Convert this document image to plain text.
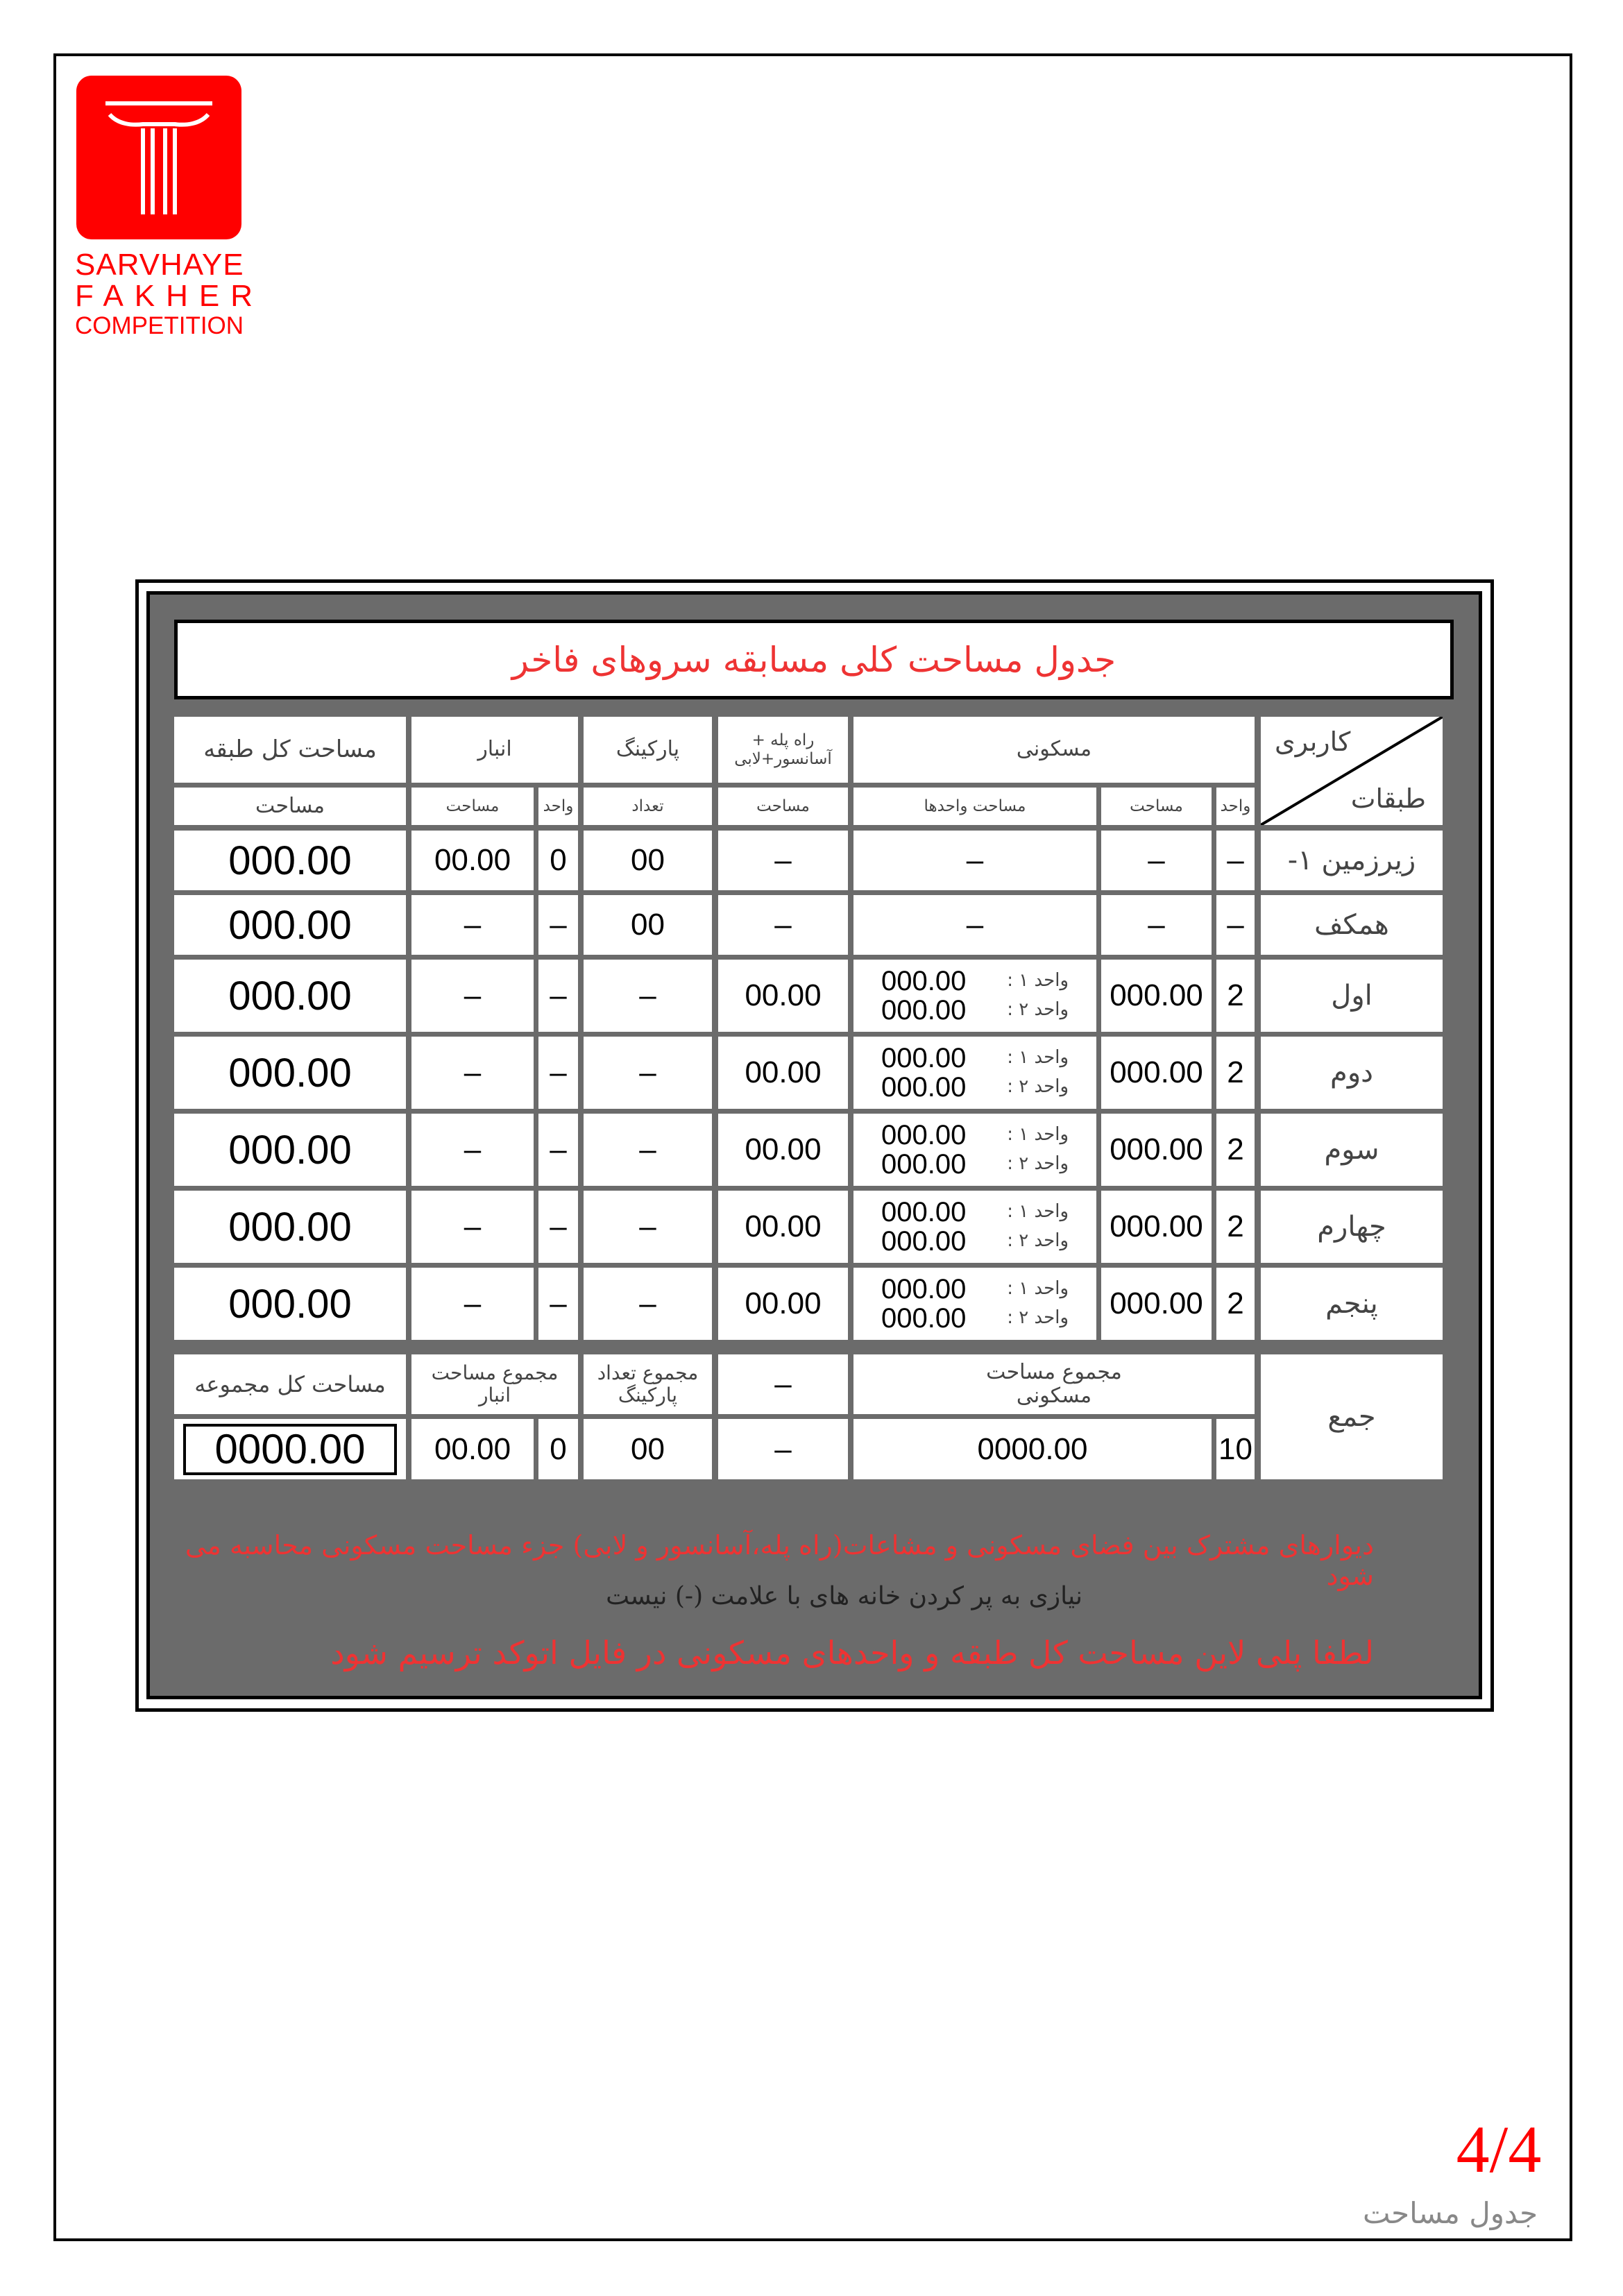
SARVHAYE
FAKHER
COMPETITION
جدول مساحت کلی مسابقه سروهای فاخر
کاربری
طبقات
مسکونی
واحد
مساحت
مساحت واحدها
راه پله + آسانسور+لابی
مساحت
پارکینگ
تعداد
انبار
واحد
مساحت
مساحت کل طبقه
مساحت
زیرزمین ۱-
–
–
–
–
00
0
00.00
000.00
همکف
–
–
–
–
00
–
–
000.00
اول
2
000.00
000.00 واحد ۱ :
000.00 واحد ۲ :
00.00
–
–
–
000.00
دوم
2
000.00
000.00 واحد ۱ :
000.00 واحد ۲ :
00.00
–
–
–
000.00
سوم
2
000.00
000.00 واحد ۱ :
000.00 واحد ۲ :
00.00
–
–
–
000.00
چهارم
2
000.00
000.00 واحد ۱ :
000.00 واحد ۲ :
00.00
–
–
–
000.00
پنجم
2
000.00
000.00 واحد ۱ :
000.00 واحد ۲ :
00.00
–
–
–
000.00
جمع
مجموع مساحت مسکونی
10
0000.00
–
–
مجموع تعداد پارکینگ
00
مجموع مساحت انبار
0
00.00
مساحت کل مجموعه
0000.00
دیوارهای مشترک بین فضای مسکونی و مشاعات(راه پله،آسانسور و لابی) جزء مساحت مسکونی محاسبه می شود
نیازی به پر کردن خانه های با علامت (-) نیست
لطفا پلی لاین مساحت کل طبقه و واحدهای مسکونی در فایل اتوکد ترسیم شود
4/4
جدول مساحت
